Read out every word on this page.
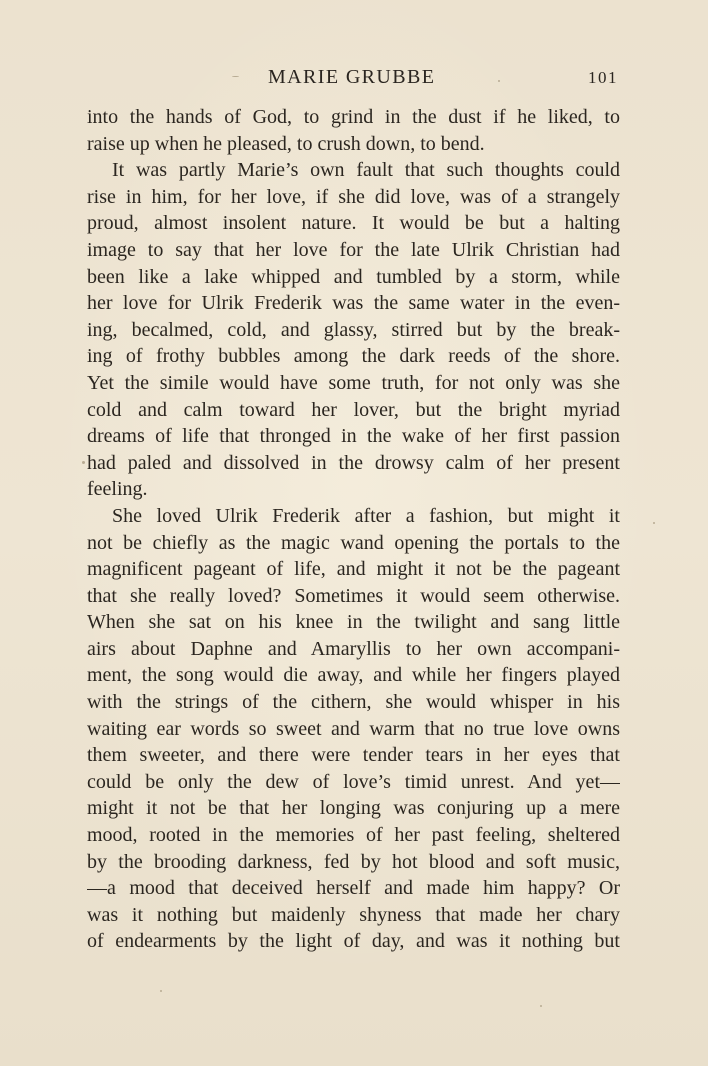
MARIE GRUBBE	101
into the hands of God, to grind in the dust if he liked, to
raise up when he pleased, to crush down, to bend.
It was partly Marie’s own fault that such thoughts could
rise in him, for her love, if she did love, was of a strangely
proud, almost insolent nature. It would be but a halting
image to say that her love for the late Ulrik Christian had
been like a lake whipped and tumbled by a storm, while
her love for Ulrik Frederik was the same water in the even-
ing, becalmed, cold, and glassy, stirred but by the break-
ing of frothy bubbles among the dark reeds of the shore.
Yet the simile would have some truth, for not only was she
cold and calm toward her lover, but the bright myriad
dreams of life that thronged in the wake of her first passion
had paled and dissolved in the drowsy calm of her present
feeling.
She loved Ulrik Frederik after a fashion, but might it
not be chiefly as the magic wand opening the portals to the
magnificent pageant of life, and might it not be the pageant
that she really loved? Sometimes it would seem otherwise.
When she sat on his knee in the twilight and sang little
airs about Daphne and Amaryllis to her own accompani-
ment, the song would die away, and while her fingers played
with the strings of the cithern, she would whisper in his
waiting ear words so sweet and warm that no true love owns
them sweeter, and there were tender tears in her eyes that
could be only the dew of love’s timid unrest. And yet—
might it not be that her longing was conjuring up a mere
mood, rooted in the memories of her past feeling, sheltered
by the brooding darkness, fed by hot blood and soft music,
—a mood that deceived herself and made him happy? Or
was it nothing but maidenly shyness that made her chary
of endearments by the light of day, and was it nothing but
